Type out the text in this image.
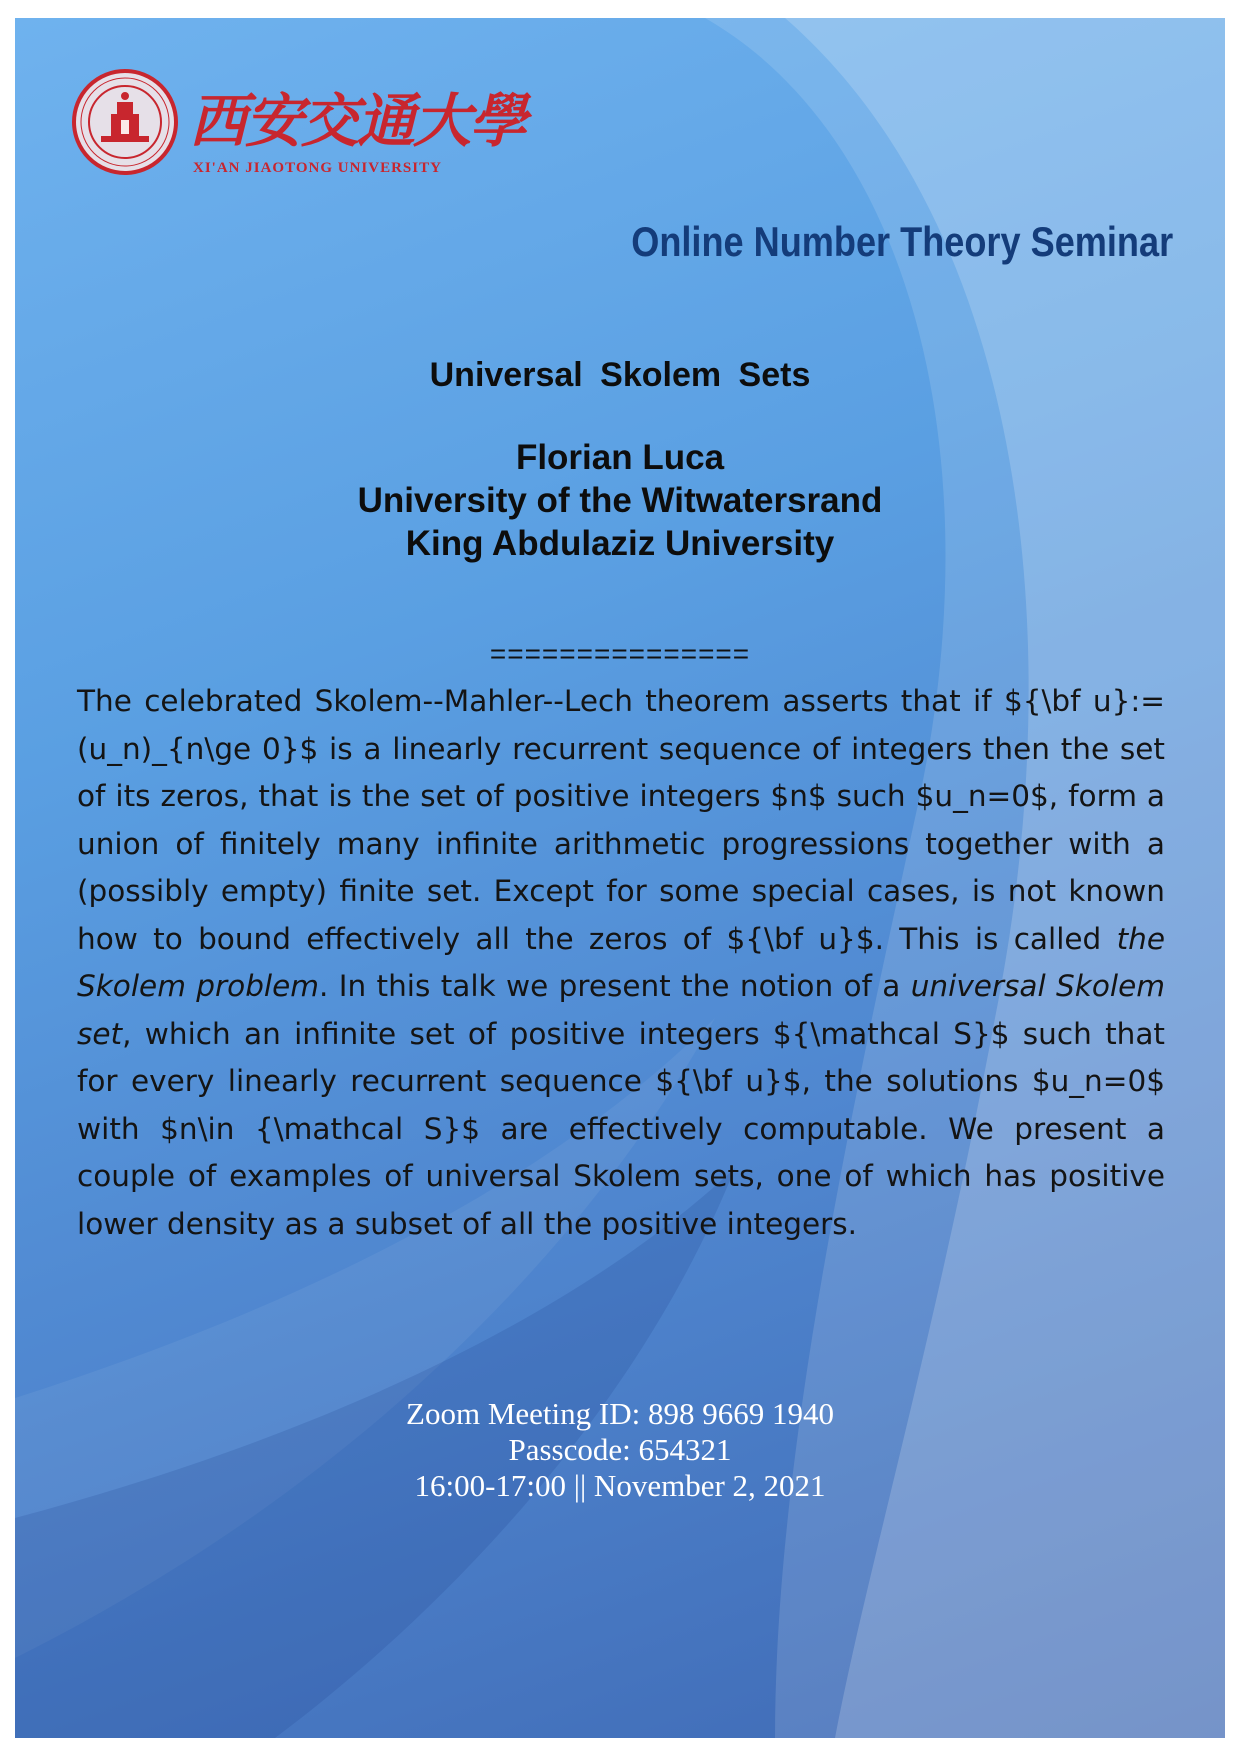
西安交通大學
XI'AN JIAOTONG UNIVERSITY
Online Number Theory Seminar
Universal Skolem Sets
Florian Luca
University of the Witwatersrand
King Abdulaziz University
===============

The celebrated Skolem--Mahler--Lech theorem asserts that if ${\bf u}:=(u_n)_{n\ge 0}$ is a linearly recurrent sequence of integers then the set of its zeros, that is the set of positive integers $n$ such $u_n=0$, form a union of finitely many infinite arithmetic progressions together with a (possibly empty) finite set. Except for some special cases, is not known how to bound effectively all the zeros of ${\bf u}$. This is called the Skolem problem. In this talk we present the notion of a universal Skolem set, which an infinite set of positive integers ${\mathcal S}$ such that for every linearly recurrent sequence ${\bf u}$, the solutions $u_n=0$ with $n\in {\mathcal S}$ are effectively computable. We present a couple of examples of universal Skolem sets, one of which has positive lower density as a subset of all the positive integers.

Zoom Meeting ID: 898 9669 1940
Passcode: 654321
16:00-17:00 || November 2, 2021
